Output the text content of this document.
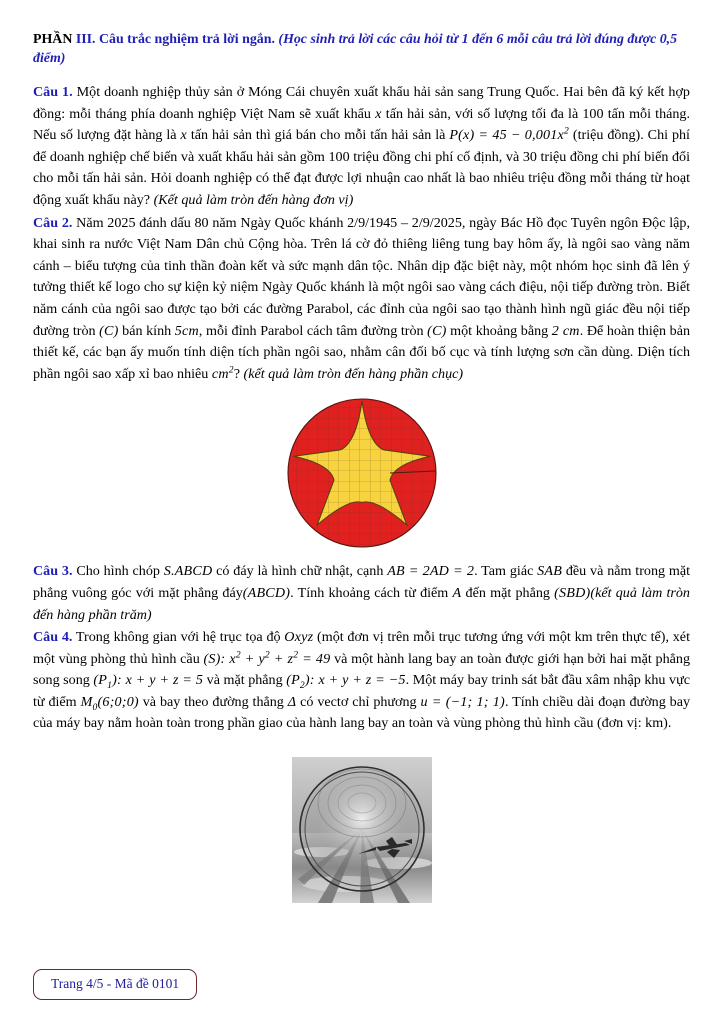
PHẦN III. Câu trắc nghiệm trả lời ngắn. (Học sinh trả lời các câu hỏi từ 1 đến 6 mỗi câu trả lời đúng được 0,5 điểm)

Câu 1. Một doanh nghiệp thủy sản ở Móng Cái chuyên xuất khẩu hải sản sang Trung Quốc. Hai bên đã ký kết hợp đồng: mỗi tháng phía doanh nghiệp Việt Nam sẽ xuất khẩu x tấn hải sản, với số lượng tối đa là 100 tấn mỗi tháng. Nếu số lượng đặt hàng là x tấn hải sản thì giá bán cho mỗi tấn hải sản là $P(x) = 45 - 0,001x^2$ (triệu đồng). Chi phí để doanh nghiệp chế biến và xuất khẩu hải sản gồm 100 triệu đồng chi phí cố định, và 30 triệu đồng chi phí biến đổi cho mỗi tấn hải sản. Hỏi doanh nghiệp có thể đạt được lợi nhuận cao nhất là bao nhiêu triệu đồng mỗi tháng từ hoạt động xuất khẩu này? (Kết quả làm tròn đến hàng đơn vị)

Câu 2. Năm 2025 đánh dấu 80 năm Ngày Quốc khánh 2/9/1945 – 2/9/2025, ngày Bác Hồ đọc Tuyên ngôn Độc lập, khai sinh ra nước Việt Nam Dân chủ Cộng hòa. Trên lá cờ đỏ thiêng liêng tung bay hôm ấy, là ngôi sao vàng năm cánh – biểu tượng của tinh thần đoàn kết và sức mạnh dân tộc. Nhân dịp đặc biệt này, một nhóm học sinh đã lên ý tưởng thiết kế logo cho sự kiện kỷ niệm Ngày Quốc khánh là một ngôi sao vàng cách điệu, nội tiếp đường tròn. Biết năm cánh của ngôi sao được tạo bởi các đường Parabol, các đỉnh của ngôi sao tạo thành hình ngũ giác đều nội tiếp đường tròn (C) bán kính 5cm, mỗi đỉnh Parabol cách tâm đường tròn (C) một khoảng bằng 2 cm. Để hoàn thiện bản thiết kế, các bạn ấy muốn tính diện tích phần ngôi sao, nhằm cân đối bố cục và tính lượng sơn cần dùng. Diện tích phần ngôi sao xấp xỉ bao nhiêu $cm^2$? (kết quả làm tròn đến hàng phần chục)

Câu 3. Cho hình chóp S.ABCD có đáy là hình chữ nhật, cạnh AB = 2AD = 2. Tam giác SAB đều và nằm trong mặt phẳng vuông góc với mặt phẳng đáy(ABCD). Tính khoảng cách từ điểm A đến mặt phẳng (SBD)(kết quả làm tròn đến hàng phần trăm)

Câu 4. Trong không gian với hệ trục tọa độ Oxyz (một đơn vị trên mỗi trục tương ứng với một km trên thực tế), xét một vùng phòng thủ hình cầu (S): $x^2 + y^2 + z^2 = 49$ và một hành lang bay an toàn được giới hạn bởi hai mặt phẳng song song $(P_1)$: x + y + z = 5 và mặt phẳng $(P_2)$: x + y + z = −5. Một máy bay trinh sát bắt đầu xâm nhập khu vực từ điểm $M_0(6;0;0)$ và bay theo đường thẳng Δ có vectơ chỉ phương u = (−1; 1; 1). Tính chiều dài đoạn đường bay của máy bay nằm hoàn toàn trong phần giao của hành lang bay an toàn và vùng phòng thủ hình cầu (đơn vị: km).

Trang 4/5 - Mã đề 0101
